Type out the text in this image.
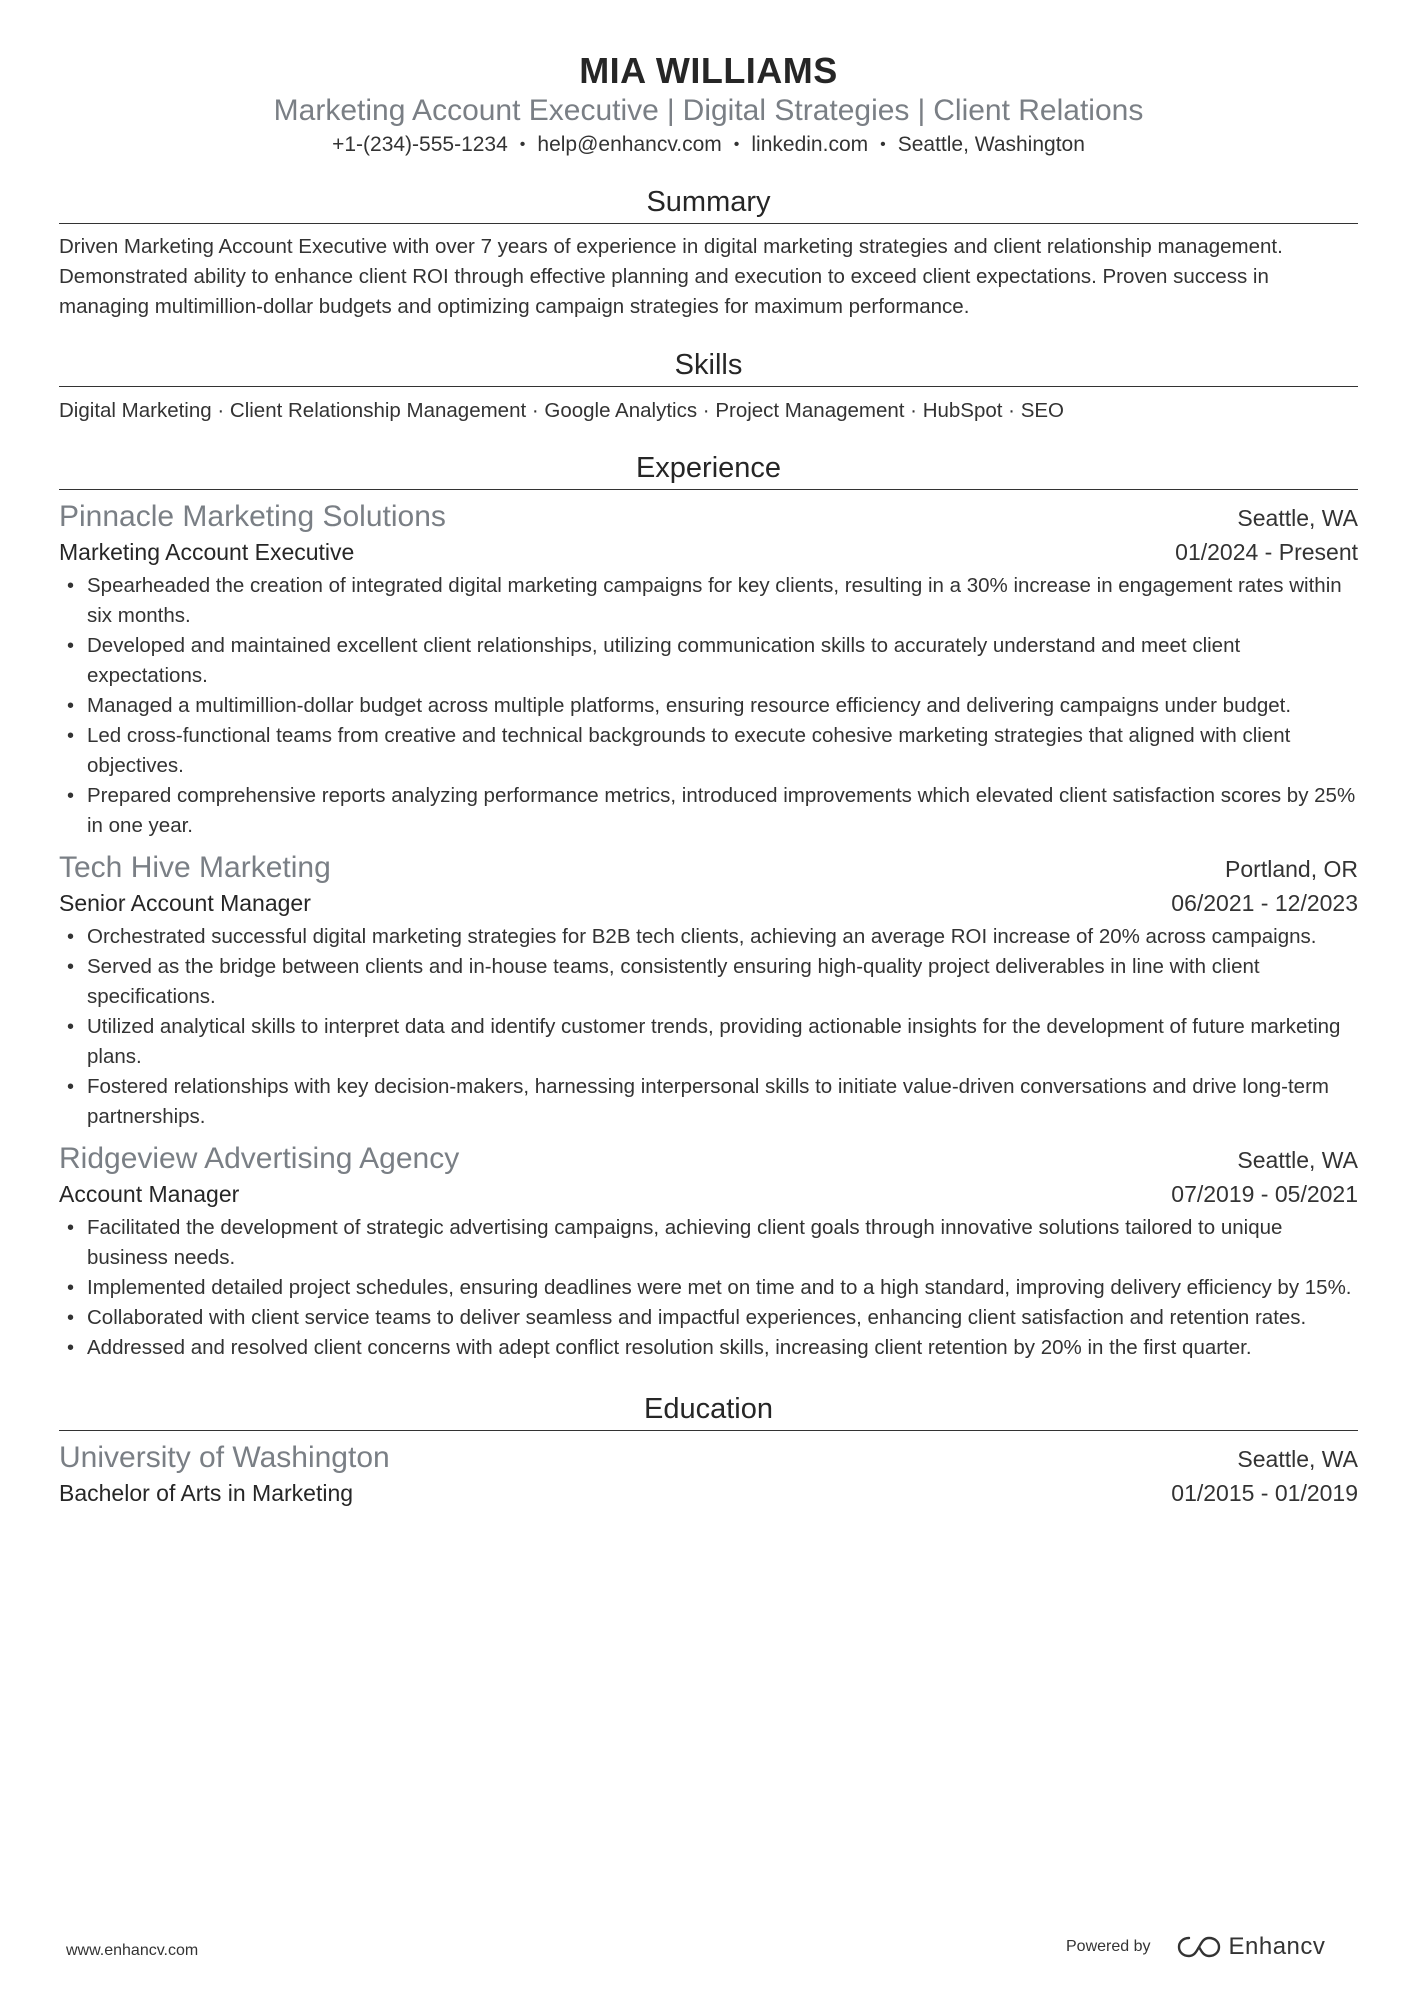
MIA WILLIAMS
Marketing Account Executive | Digital Strategies | Client Relations
+1-(234)-555-1234 • help@enhancv.com • linkedin.com • Seattle, Washington
Summary
Driven Marketing Account Executive with over 7 years of experience in digital marketing strategies and client relationship management. Demonstrated ability to enhance client ROI through effective planning and execution to exceed client expectations. Proven success in managing multimillion-dollar budgets and optimizing campaign strategies for maximum performance.
Skills
Digital Marketing · Client Relationship Management · Google Analytics · Project Management · HubSpot · SEO
Experience
Pinnacle Marketing Solutions	Seattle, WA
Marketing Account Executive	01/2024 - Present
• Spearheaded the creation of integrated digital marketing campaigns for key clients, resulting in a 30% increase in engagement rates within six months.
• Developed and maintained excellent client relationships, utilizing communication skills to accurately understand and meet client expectations.
• Managed a multimillion-dollar budget across multiple platforms, ensuring resource efficiency and delivering campaigns under budget.
• Led cross-functional teams from creative and technical backgrounds to execute cohesive marketing strategies that aligned with client objectives.
• Prepared comprehensive reports analyzing performance metrics, introduced improvements which elevated client satisfaction scores by 25% in one year.
Tech Hive Marketing	Portland, OR
Senior Account Manager	06/2021 - 12/2023
• Orchestrated successful digital marketing strategies for B2B tech clients, achieving an average ROI increase of 20% across campaigns.
• Served as the bridge between clients and in-house teams, consistently ensuring high-quality project deliverables in line with client specifications.
• Utilized analytical skills to interpret data and identify customer trends, providing actionable insights for the development of future marketing plans.
• Fostered relationships with key decision-makers, harnessing interpersonal skills to initiate value-driven conversations and drive long-term partnerships.
Ridgeview Advertising Agency	Seattle, WA
Account Manager	07/2019 - 05/2021
• Facilitated the development of strategic advertising campaigns, achieving client goals through innovative solutions tailored to unique business needs.
• Implemented detailed project schedules, ensuring deadlines were met on time and to a high standard, improving delivery efficiency by 15%.
• Collaborated with client service teams to deliver seamless and impactful experiences, enhancing client satisfaction and retention rates.
• Addressed and resolved client concerns with adept conflict resolution skills, increasing client retention by 20% in the first quarter.
Education
University of Washington	Seattle, WA
Bachelor of Arts in Marketing	01/2015 - 01/2019
www.enhancv.com	Powered by	Enhancv
